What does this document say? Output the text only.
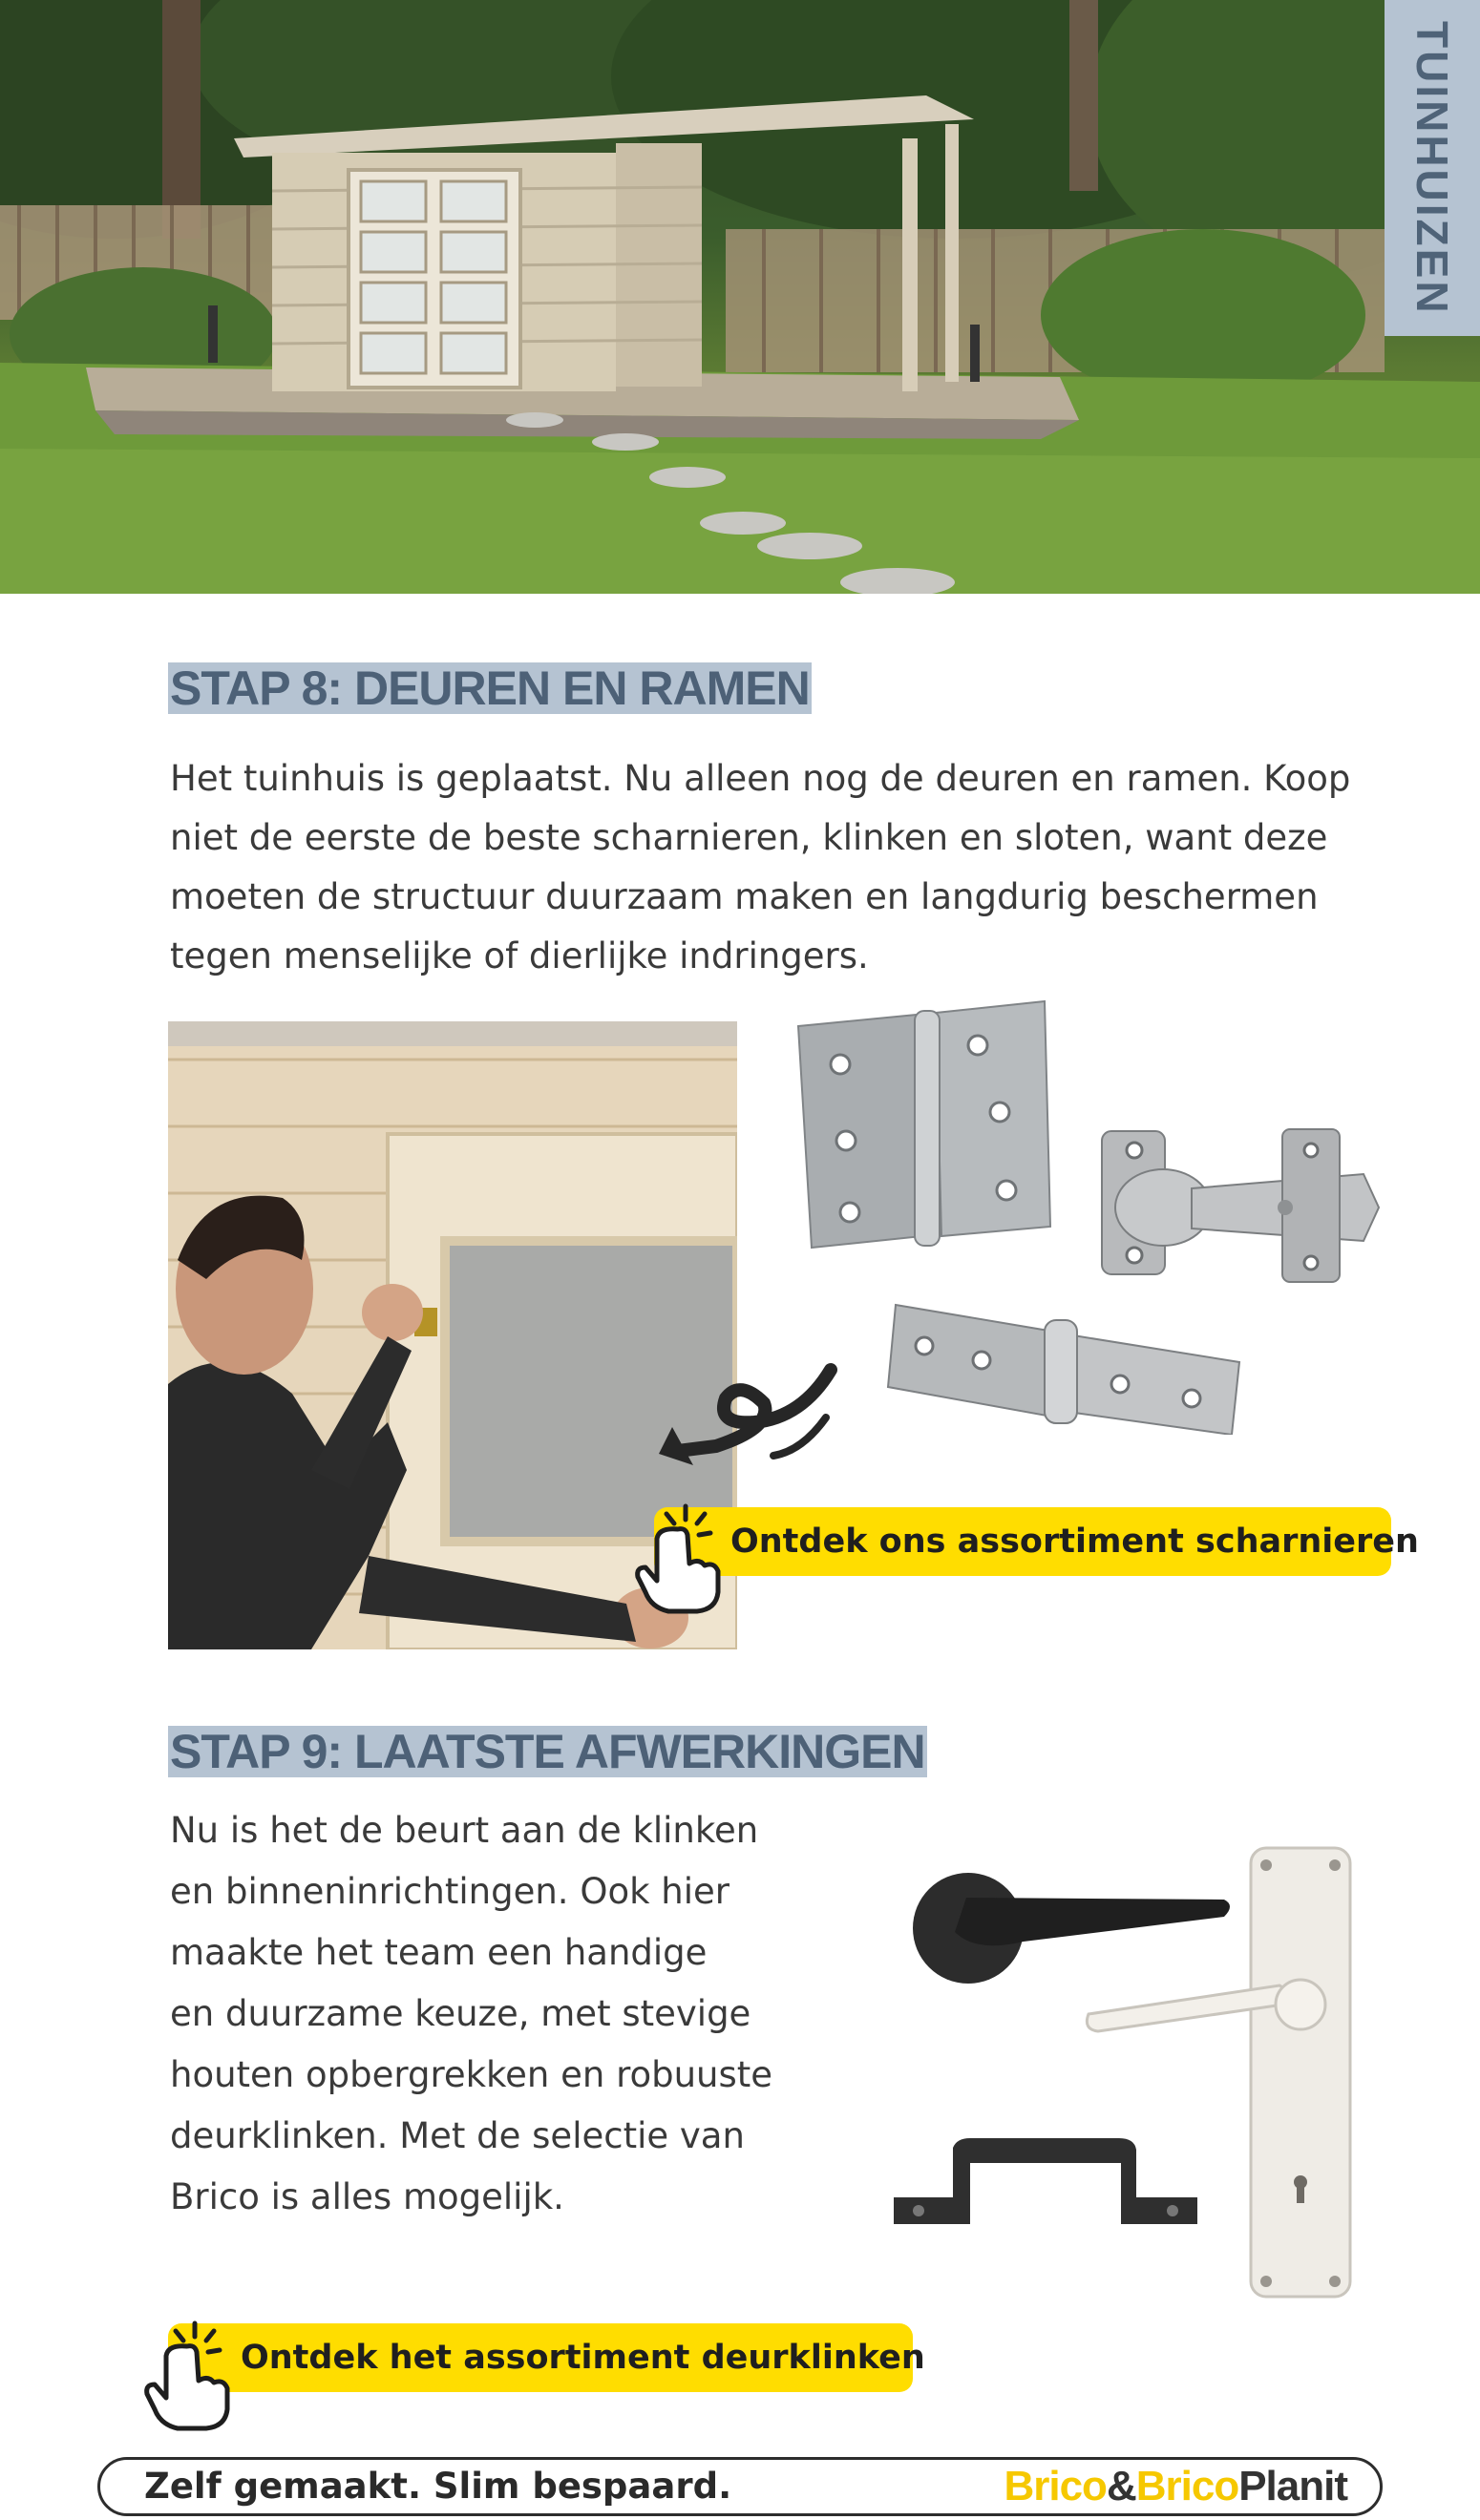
TUINHUIZEN
STAP 8: DEUREN EN RAMEN

Het tuinhuis is geplaatst. Nu alleen nog de deuren en ramen. Koop

niet de eerste de beste scharnieren, klinken en sloten, want deze

moeten de structuur duurzaam maken en langdurig beschermen

tegen menselijke of dierlijke indringers.

Ontdek ons assortiment scharnieren
STAP 9: LAATSTE AFWERKINGEN

Nu is het de beurt aan de klinken

en binneninrichtingen. Ook hier

maakte het team een handige

en duurzame keuze, met stevige

houten opbergrekken en robuuste

deurklinken. Met de selectie van

Brico is alles mogelijk.

Ontdek het assortiment deurklinken
Zelf gemaakt. Slim bespaard.	Brico&BricoPlanit
